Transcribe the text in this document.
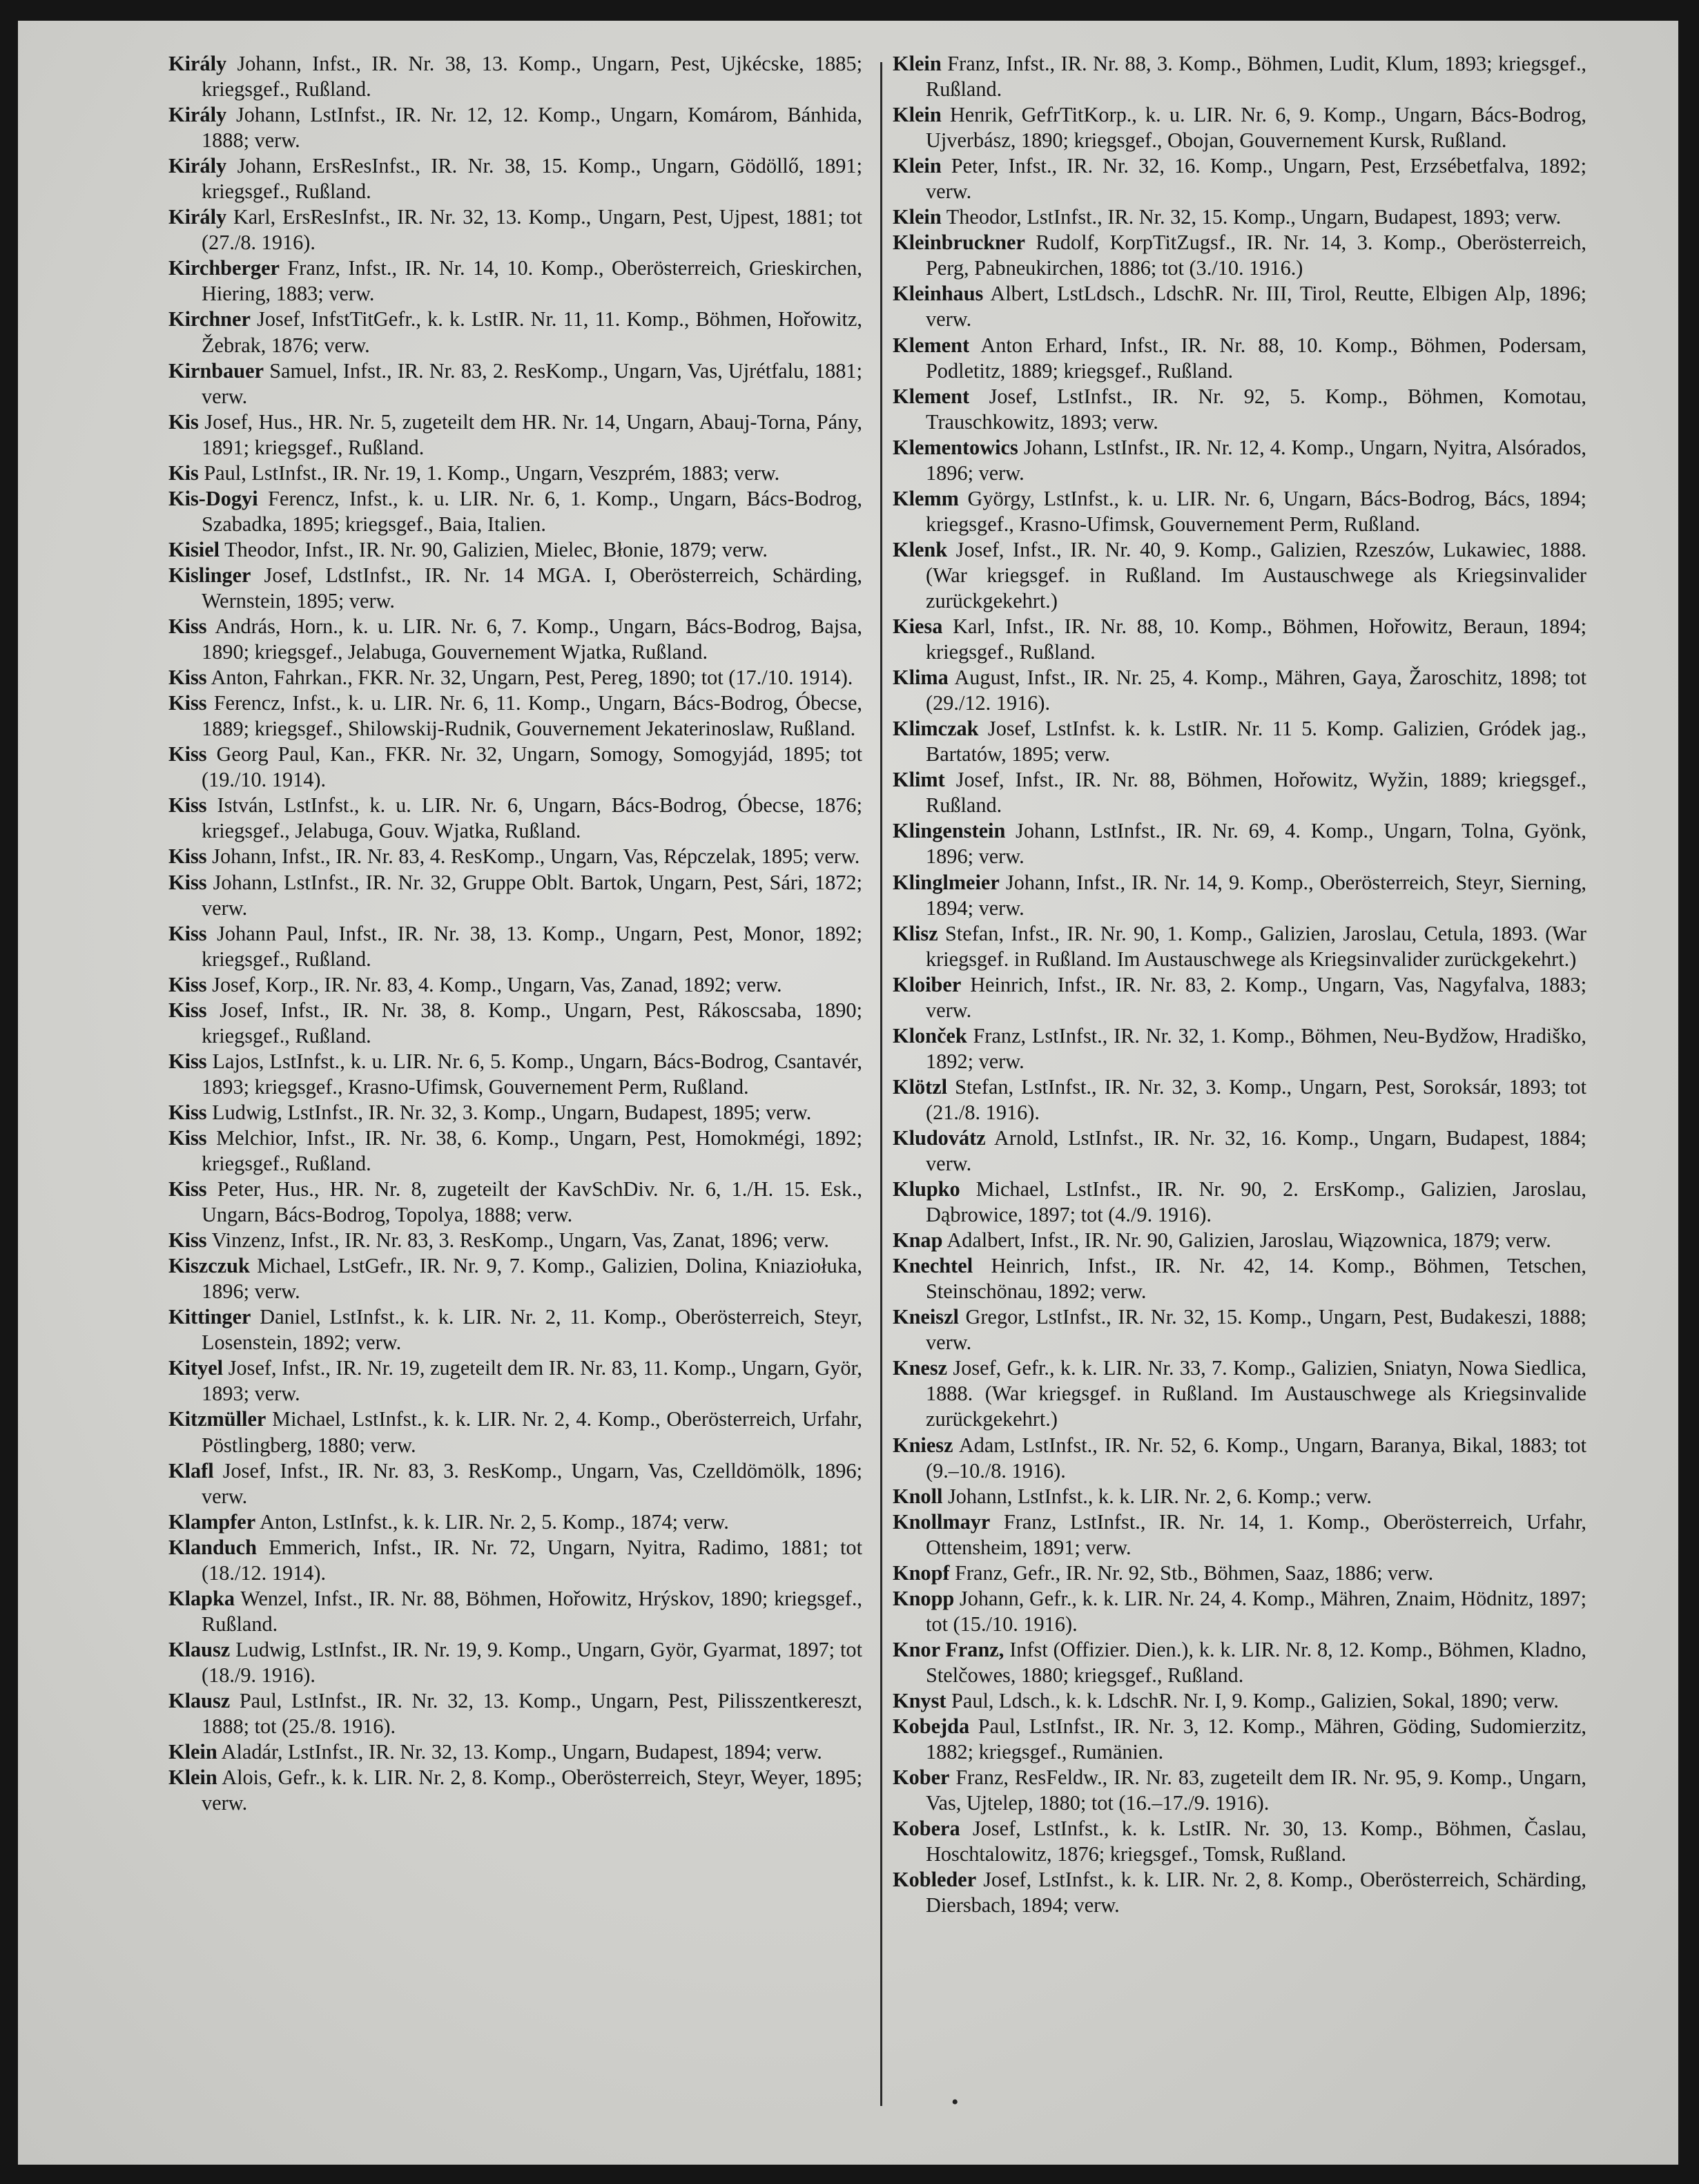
Király Johann, Infst., IR. Nr. 38, 13. Komp., Ungarn, Pest, Ujkécske, 1885; kriegsgef., Rußland.

Király Johann, LstInfst., IR. Nr. 12, 12. Komp., Ungarn, Komárom, Bánhida, 1888; verw.

Király Johann, ErsResInfst., IR. Nr. 38, 15. Komp., Ungarn, Gödöllő, 1891; kriegsgef., Rußland.

Király Karl, ErsResInfst., IR. Nr. 32, 13. Komp., Ungarn, Pest, Ujpest, 1881; tot (27./8. 1916).

Kirchberger Franz, Infst., IR. Nr. 14, 10. Komp., Oberösterreich, Grieskirchen, Hiering, 1883; verw.

Kirchner Josef, InfstTitGefr., k. k. LstIR. Nr. 11, 11. Komp., Böhmen, Hořowitz, Žebrak, 1876; verw.

Kirnbauer Samuel, Infst., IR. Nr. 83, 2. ResKomp., Ungarn, Vas, Ujrétfalu, 1881; verw.

Kis Josef, Hus., HR. Nr. 5, zugeteilt dem HR. Nr. 14, Ungarn, Abauj-Torna, Pány, 1891; kriegsgef., Rußland.

Kis Paul, LstInfst., IR. Nr. 19, 1. Komp., Ungarn, Veszprém, 1883; verw.

Kis-Dogyi Ferencz, Infst., k. u. LIR. Nr. 6, 1. Komp., Ungarn, Bács-Bodrog, Szabadka, 1895; kriegsgef., Baia, Italien.

Kisiel Theodor, Infst., IR. Nr. 90, Galizien, Mielec, Błonie, 1879; verw.

Kislinger Josef, LdstInfst., IR. Nr. 14 MGA. I, Oberösterreich, Schärding, Wernstein, 1895; verw.

Kiss András, Horn., k. u. LIR. Nr. 6, 7. Komp., Ungarn, Bács-Bodrog, Bajsa, 1890; kriegsgef., Jelabuga, Gouvernement Wjatka, Rußland.

Kiss Anton, Fahrkan., FKR. Nr. 32, Ungarn, Pest, Pereg, 1890; tot (17./10. 1914).

Kiss Ferencz, Infst., k. u. LIR. Nr. 6, 11. Komp., Ungarn, Bács-Bodrog, Óbecse, 1889; kriegsgef., Shilowskij-Rudnik, Gouvernement Jekaterinoslaw, Rußland.

Kiss Georg Paul, Kan., FKR. Nr. 32, Ungarn, Somogy, Somogyjád, 1895; tot (19./10. 1914).

Kiss István, LstInfst., k. u. LIR. Nr. 6, Ungarn, Bács-Bodrog, Óbecse, 1876; kriegsgef., Jelabuga, Gouv. Wjatka, Rußland.

Kiss Johann, Infst., IR. Nr. 83, 4. ResKomp., Ungarn, Vas, Répczelak, 1895; verw.

Kiss Johann, LstInfst., IR. Nr. 32, Gruppe Oblt. Bartok, Ungarn, Pest, Sári, 1872; verw.

Kiss Johann Paul, Infst., IR. Nr. 38, 13. Komp., Ungarn, Pest, Monor, 1892; kriegsgef., Rußland.

Kiss Josef, Korp., IR. Nr. 83, 4. Komp., Ungarn, Vas, Zanad, 1892; verw.

Kiss Josef, Infst., IR. Nr. 38, 8. Komp., Ungarn, Pest, Rákoscsaba, 1890; kriegsgef., Rußland.

Kiss Lajos, LstInfst., k. u. LIR. Nr. 6, 5. Komp., Ungarn, Bács-Bodrog, Csantavér, 1893; kriegsgef., Krasno-Ufimsk, Gouvernement Perm, Rußland.

Kiss Ludwig, LstInfst., IR. Nr. 32, 3. Komp., Ungarn, Budapest, 1895; verw.

Kiss Melchior, Infst., IR. Nr. 38, 6. Komp., Ungarn, Pest, Homokmégi, 1892; kriegsgef., Rußland.

Kiss Peter, Hus., HR. Nr. 8, zugeteilt der KavSchDiv. Nr. 6, 1./H. 15. Esk., Ungarn, Bács-Bodrog, Topolya, 1888; verw.

Kiss Vinzenz, Infst., IR. Nr. 83, 3. ResKomp., Ungarn, Vas, Zanat, 1896; verw.

Kiszczuk Michael, LstGefr., IR. Nr. 9, 7. Komp., Galizien, Dolina, Kniaziołuka, 1896; verw.

Kittinger Daniel, LstInfst., k. k. LIR. Nr. 2, 11. Komp., Oberösterreich, Steyr, Losenstein, 1892; verw.

Kityel Josef, Infst., IR. Nr. 19, zugeteilt dem IR. Nr. 83, 11. Komp., Ungarn, Györ, 1893; verw.

Kitzmüller Michael, LstInfst., k. k. LIR. Nr. 2, 4. Komp., Oberösterreich, Urfahr, Pöstlingberg, 1880; verw.

Klafl Josef, Infst., IR. Nr. 83, 3. ResKomp., Ungarn, Vas, Czelldömölk, 1896; verw.

Klampfer Anton, LstInfst., k. k. LIR. Nr. 2, 5. Komp., 1874; verw.

Klanduch Emmerich, Infst., IR. Nr. 72, Ungarn, Nyitra, Radimo, 1881; tot (18./12. 1914).

Klapka Wenzel, Infst., IR. Nr. 88, Böhmen, Hořowitz, Hrýskov, 1890; kriegsgef., Rußland.

Klausz Ludwig, LstInfst., IR. Nr. 19, 9. Komp., Ungarn, Györ, Gyarmat, 1897; tot (18./9. 1916).

Klausz Paul, LstInfst., IR. Nr. 32, 13. Komp., Ungarn, Pest, Pilisszentkereszt, 1888; tot (25./8. 1916).

Klein Aladár, LstInfst., IR. Nr. 32, 13. Komp., Ungarn, Budapest, 1894; verw.

Klein Alois, Gefr., k. k. LIR. Nr. 2, 8. Komp., Oberösterreich, Steyr, Weyer, 1895; verw.

Klein Franz, Infst., IR. Nr. 88, 3. Komp., Böhmen, Ludit, Klum, 1893; kriegsgef., Rußland.

Klein Henrik, GefrTitKorp., k. u. LIR. Nr. 6, 9. Komp., Ungarn, Bács-Bodrog, Ujverbász, 1890; kriegsgef., Obojan, Gouvernement Kursk, Rußland.

Klein Peter, Infst., IR. Nr. 32, 16. Komp., Ungarn, Pest, Erzsébetfalva, 1892; verw.

Klein Theodor, LstInfst., IR. Nr. 32, 15. Komp., Ungarn, Budapest, 1893; verw.

Kleinbruckner Rudolf, KorpTitZugsf., IR. Nr. 14, 3. Komp., Oberösterreich, Perg, Pabneukirchen, 1886; tot (3./10. 1916.)

Kleinhaus Albert, LstLdsch., LdschR. Nr. III, Tirol, Reutte, Elbigen Alp, 1896; verw.

Klement Anton Erhard, Infst., IR. Nr. 88, 10. Komp., Böhmen, Podersam, Podletitz, 1889; kriegsgef., Rußland.

Klement Josef, LstInfst., IR. Nr. 92, 5. Komp., Böhmen, Komotau, Trauschkowitz, 1893; verw.

Klementowics Johann, LstInfst., IR. Nr. 12, 4. Komp., Ungarn, Nyitra, Alsórados, 1896; verw.

Klemm György, LstInfst., k. u. LIR. Nr. 6, Ungarn, Bács-Bodrog, Bács, 1894; kriegsgef., Krasno-Ufimsk, Gouvernement Perm, Rußland.

Klenk Josef, Infst., IR. Nr. 40, 9. Komp., Galizien, Rzeszów, Lukawiec, 1888. (War kriegsgef. in Rußland. Im Austauschwege als Kriegsinvalider zurückgekehrt.)

Kiesa Karl, Infst., IR. Nr. 88, 10. Komp., Böhmen, Hořowitz, Beraun, 1894; kriegsgef., Rußland.

Klima August, Infst., IR. Nr. 25, 4. Komp., Mähren, Gaya, Žaroschitz, 1898; tot (29./12. 1916).

Klimczak Josef, LstInfst. k. k. LstIR. Nr. 11 5. Komp. Galizien, Gródek jag., Bartatów, 1895; verw.

Klimt Josef, Infst., IR. Nr. 88, Böhmen, Hořowitz, Wyžin, 1889; kriegsgef., Rußland.

Klingenstein Johann, LstInfst., IR. Nr. 69, 4. Komp., Ungarn, Tolna, Gyönk, 1896; verw.

Klinglmeier Johann, Infst., IR. Nr. 14, 9. Komp., Oberösterreich, Steyr, Sierning, 1894; verw.

Klisz Stefan, Infst., IR. Nr. 90, 1. Komp., Galizien, Jaroslau, Cetula, 1893. (War kriegsgef. in Rußland. Im Austauschwege als Kriegsinvalider zurückgekehrt.)

Kloiber Heinrich, Infst., IR. Nr. 83, 2. Komp., Ungarn, Vas, Nagyfalva, 1883; verw.

Klonček Franz, LstInfst., IR. Nr. 32, 1. Komp., Böhmen, Neu-Bydžow, Hradiško, 1892; verw.

Klötzl Stefan, LstInfst., IR. Nr. 32, 3. Komp., Ungarn, Pest, Soroksár, 1893; tot (21./8. 1916).

Kludovátz Arnold, LstInfst., IR. Nr. 32, 16. Komp., Ungarn, Budapest, 1884; verw.

Klupko Michael, LstInfst., IR. Nr. 90, 2. ErsKomp., Galizien, Jaroslau, Dąbrowice, 1897; tot (4./9. 1916).

Knap Adalbert, Infst., IR. Nr. 90, Galizien, Jaroslau, Wiązownica, 1879; verw.

Knechtel Heinrich, Infst., IR. Nr. 42, 14. Komp., Böhmen, Tetschen, Steinschönau, 1892; verw.

Kneiszl Gregor, LstInfst., IR. Nr. 32, 15. Komp., Ungarn, Pest, Budakeszi, 1888; verw.

Knesz Josef, Gefr., k. k. LIR. Nr. 33, 7. Komp., Galizien, Sniatyn, Nowa Siedlica, 1888. (War kriegsgef. in Rußland. Im Austauschwege als Kriegsinvalide zurückgekehrt.)

Kniesz Adam, LstInfst., IR. Nr. 52, 6. Komp., Ungarn, Baranya, Bikal, 1883; tot (9.–10./8. 1916).

Knoll Johann, LstInfst., k. k. LIR. Nr. 2, 6. Komp.; verw.

Knollmayr Franz, LstInfst., IR. Nr. 14, 1. Komp., Oberösterreich, Urfahr, Ottensheim, 1891; verw.

Knopf Franz, Gefr., IR. Nr. 92, Stb., Böhmen, Saaz, 1886; verw.

Knopp Johann, Gefr., k. k. LIR. Nr. 24, 4. Komp., Mähren, Znaim, Hödnitz, 1897; tot (15./10. 1916).

Knor Franz, Infst (Offizier. Dien.), k. k. LIR. Nr. 8, 12. Komp., Böhmen, Kladno, Stelčowes, 1880; kriegsgef., Rußland.

Knyst Paul, Ldsch., k. k. LdschR. Nr. I, 9. Komp., Galizien, Sokal, 1890; verw.

Kobejda Paul, LstInfst., IR. Nr. 3, 12. Komp., Mähren, Göding, Sudomierzitz, 1882; kriegsgef., Rumänien.

Kober Franz, ResFeldw., IR. Nr. 83, zugeteilt dem IR. Nr. 95, 9. Komp., Ungarn, Vas, Ujtelep, 1880; tot (16.–17./9. 1916).

Kobera Josef, LstInfst., k. k. LstIR. Nr. 30, 13. Komp., Böhmen, Časlau, Hoschtalowitz, 1876; kriegsgef., Tomsk, Rußland.

Kobleder Josef, LstInfst., k. k. LIR. Nr. 2, 8. Komp., Oberösterreich, Schärding, Diersbach, 1894; verw.

•
